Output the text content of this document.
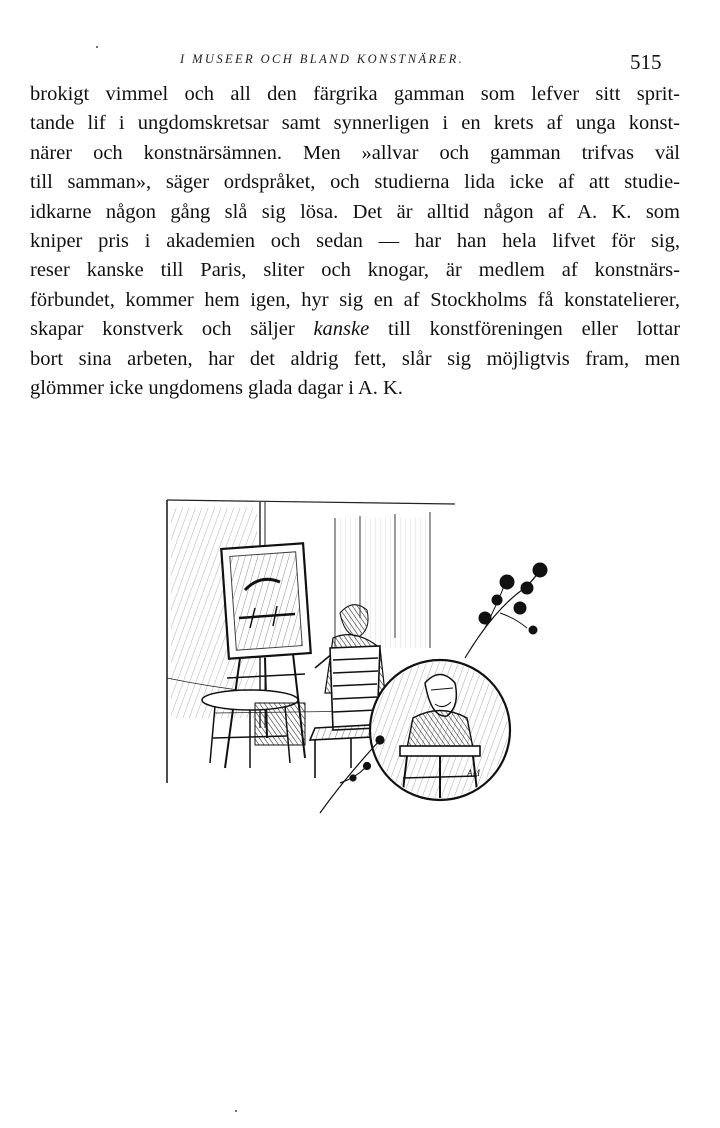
I MUSEER OCH BLAND KONSTNÄRER.	515

brokigt vimmel och all den färgrika gamman som lefver sitt sprit-
tande lif i ungdomskretsar samt synnerligen i en krets af unga konst-
närer och konstnärsämnen. Men »allvar och gamman trifvas väl
till samman», säger ordspråket, och studierna lida icke af att studie-
idkarne någon gång slå sig lösa. Det är alltid någon af A. K. som
kniper pris i akademien och sedan — har han hela lifvet för sig,
reser kanske till Paris, sliter och knogar, är medlem af konstnärs-
förbundet, kommer hem igen, hyr sig en af Stockholms få konstatelierer,
skapar konstverk och säljer kanske till konstföreningen eller lottar
bort sina arbeten, har det aldrig fett, slår sig möjligtvis fram, men
glömmer icke ungdomens glada dagar i A. K.

AM
